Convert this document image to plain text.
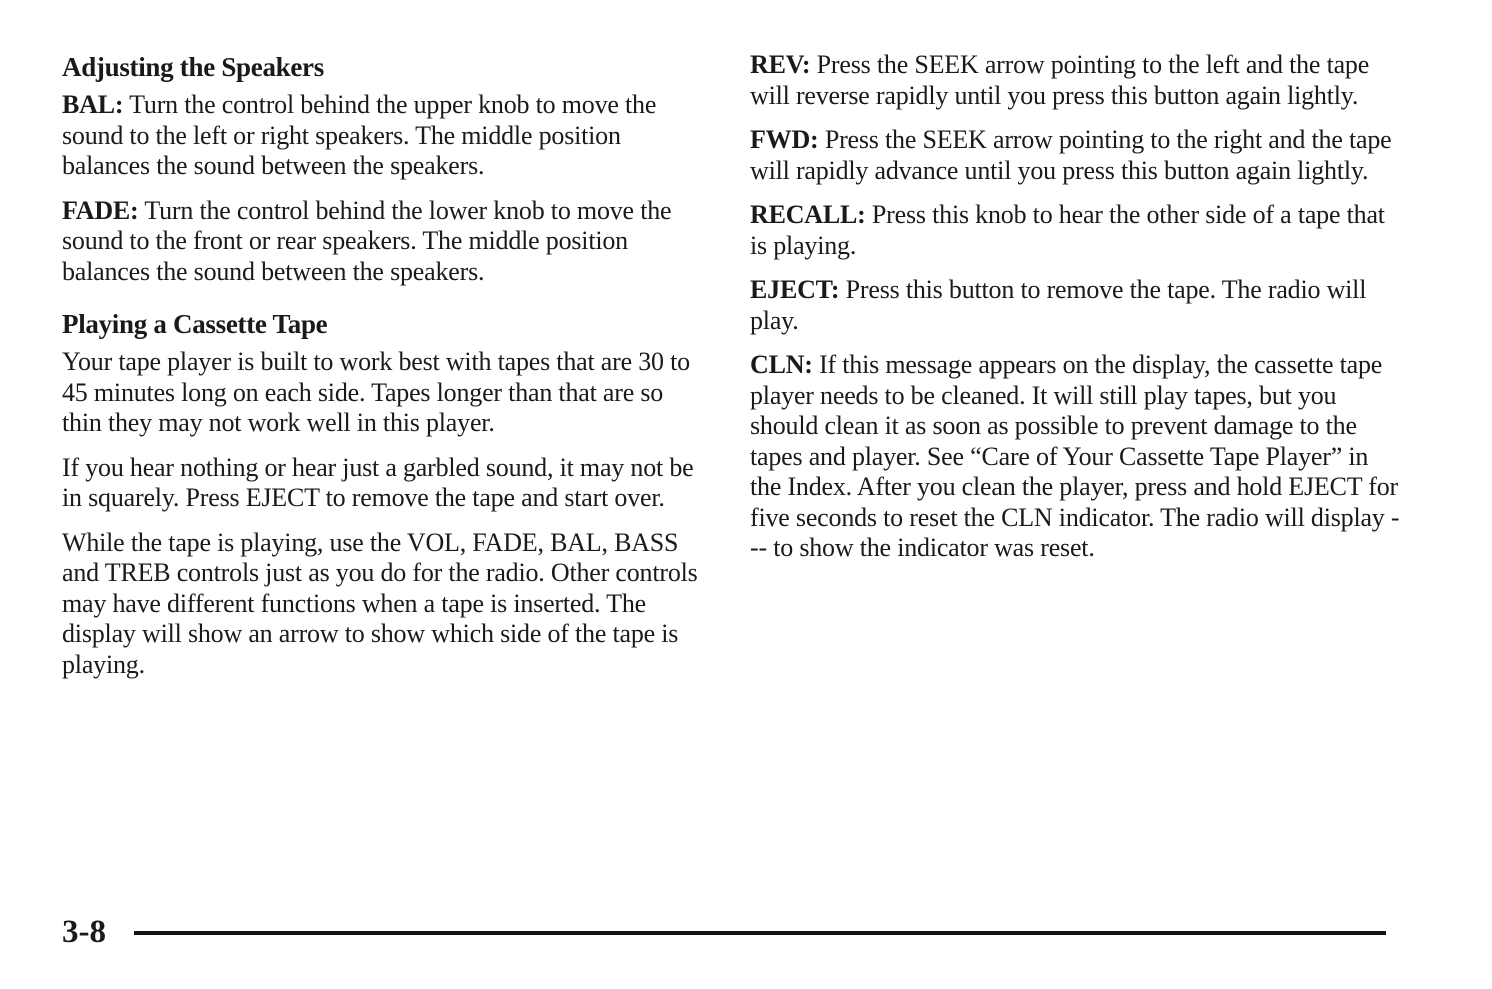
Adjusting the Speakers

BAL: Turn the control behind the upper knob to move the sound to the left or right speakers. The middle position balances the sound between the speakers.

FADE: Turn the control behind the lower knob to move the sound to the front or rear speakers. The middle position balances the sound between the speakers.

Playing a Cassette Tape

Your tape player is built to work best with tapes that are 30 to 45 minutes long on each side. Tapes longer than that are so thin they may not work well in this player.

If you hear nothing or hear just a garbled sound, it may not be in squarely. Press EJECT to remove the tape and start over.

While the tape is playing, use the VOL, FADE, BAL, BASS and TREB controls just as you do for the radio. Other controls may have different functions when a tape is inserted. The display will show an arrow to show which side of the tape is playing.

REV: Press the SEEK arrow pointing to the left and the tape will reverse rapidly until you press this button again lightly.

FWD: Press the SEEK arrow pointing to the right and the tape will rapidly advance until you press this button again lightly.

RECALL: Press this knob to hear the other side of a tape that is playing.

EJECT: Press this button to remove the tape. The radio will play.

CLN: If this message appears on the display, the cassette tape player needs to be cleaned. It will still play tapes, but you should clean it as soon as possible to prevent damage to the tapes and player. See “Care of Your Cassette Tape Player” in the Index. After you clean the player, press and hold EJECT for five seconds to reset the CLN indicator. The radio will display --- to show the indicator was reset.

3-8
